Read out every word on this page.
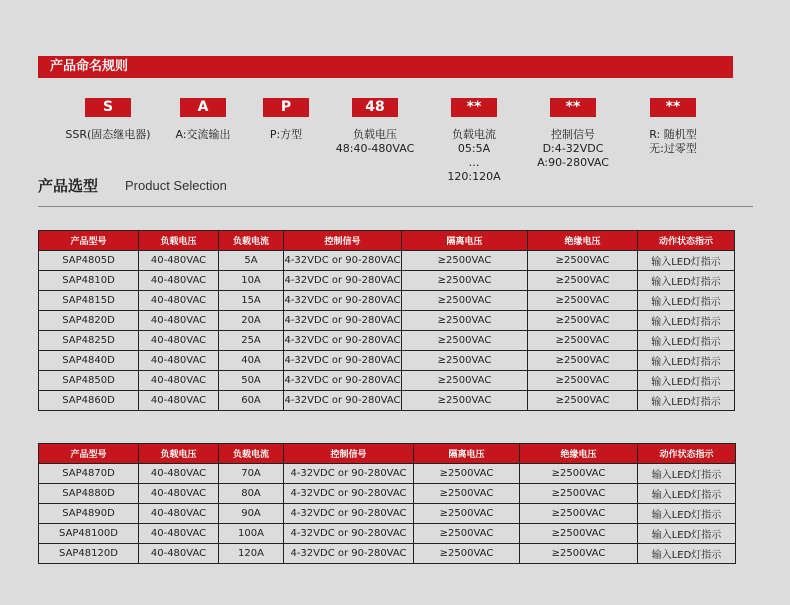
产品命名规则
S
SSR(固态继电器)
A
A:交流输出
P
P:方型
48
负载电压
48:40-480VAC
**
负载电流
05:5A
…
120:120A
**
控制信号
D:4-32VDC
A:90-280VAC
**
R: 随机型
无:过零型
产品选型 Product Selection
产品型号	负载电压	负载电流	控制信号	隔离电压	绝缘电压	动作状态指示
SAP4805D	40-480VAC	5A	4-32VDC or 90-280VAC	≥2500VAC	≥2500VAC	输入LED灯指示
SAP4810D	40-480VAC	10A	4-32VDC or 90-280VAC	≥2500VAC	≥2500VAC	输入LED灯指示
SAP4815D	40-480VAC	15A	4-32VDC or 90-280VAC	≥2500VAC	≥2500VAC	输入LED灯指示
SAP4820D	40-480VAC	20A	4-32VDC or 90-280VAC	≥2500VAC	≥2500VAC	输入LED灯指示
SAP4825D	40-480VAC	25A	4-32VDC or 90-280VAC	≥2500VAC	≥2500VAC	输入LED灯指示
SAP4840D	40-480VAC	40A	4-32VDC or 90-280VAC	≥2500VAC	≥2500VAC	输入LED灯指示
SAP4850D	40-480VAC	50A	4-32VDC or 90-280VAC	≥2500VAC	≥2500VAC	输入LED灯指示
SAP4860D	40-480VAC	60A	4-32VDC or 90-280VAC	≥2500VAC	≥2500VAC	输入LED灯指示
产品型号	负载电压	负载电流	控制信号	隔离电压	绝缘电压	动作状态指示
SAP4870D	40-480VAC	70A	4-32VDC or 90-280VAC	≥2500VAC	≥2500VAC	输入LED灯指示
SAP4880D	40-480VAC	80A	4-32VDC or 90-280VAC	≥2500VAC	≥2500VAC	输入LED灯指示
SAP4890D	40-480VAC	90A	4-32VDC or 90-280VAC	≥2500VAC	≥2500VAC	输入LED灯指示
SAP48100D	40-480VAC	100A	4-32VDC or 90-280VAC	≥2500VAC	≥2500VAC	输入LED灯指示
SAP48120D	40-480VAC	120A	4-32VDC or 90-280VAC	≥2500VAC	≥2500VAC	输入LED灯指示
